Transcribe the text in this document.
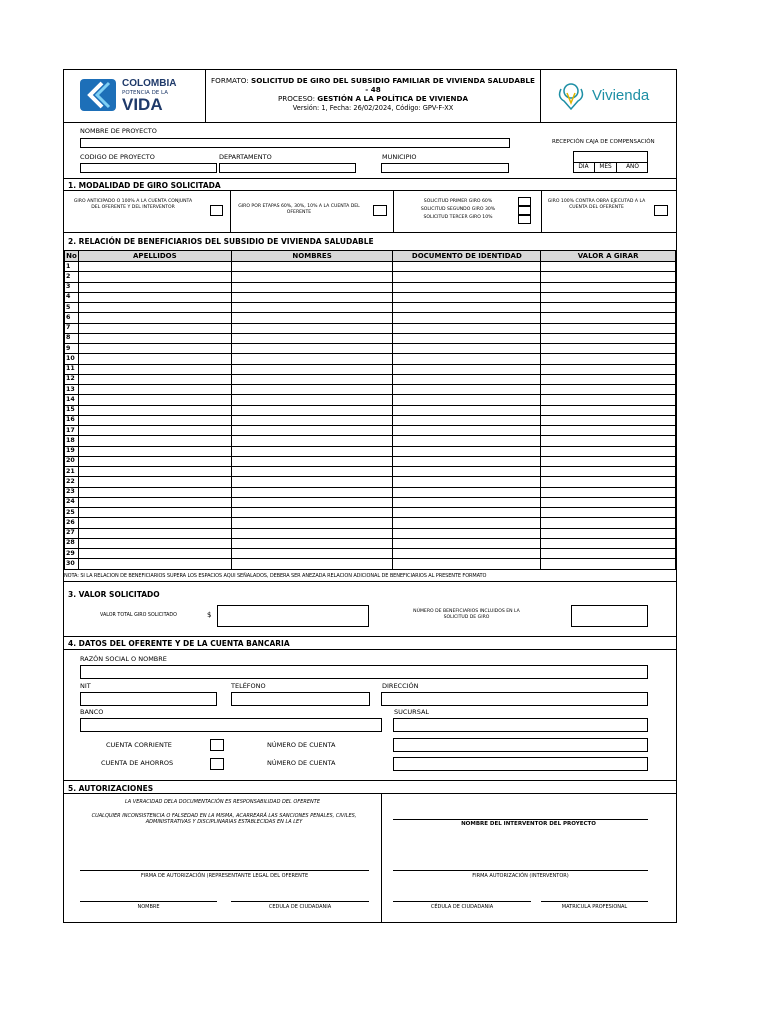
COLOMBIA
POTENCIA DE LA
VIDA
FORMATO: SOLICITUD DE GIRO DEL SUBSIDIO FAMILIAR DE VIVIENDA SALUDABLE
- 48
PROCESO: GESTIÓN A LA POLÍTICA DE VIVIENDA
Versión: 1, Fecha: 26/02/2024, Código: GPV-F-XX
Vivienda
NOMBRE DE PROYECTO
RECEPCIÓN CAJA DE COMPENSACIÓN
CODIGO DE PROYECTO	DEPARTAMENTO	MUNICIPIO
DÍA	MES	AÑO
1. MODALIDAD DE GIRO SOLICITADA
GIRO ANTICIPADO O 100% A LA CUENTA CONJUNTA DEL OFERENTE Y DEL INTERVENTOR	GIRO POR ETAPAS 60%, 30%, 10% A LA CUENTA DEL OFERENTE
SOLICITUD PRIMER GIRO 60%
SOLICITUD SEGUNDO GIRO 30%
SOLICITUD TERCER GIRO 10%
GIRO 100% CONTRA OBRA EJECUTAD A LA CUENTA DEL OFERENTE
2. RELACIÓN DE BENEFICIARIOS DEL SUBSIDIO DE VIVIENDA SALUDABLE
No	APELLIDOS	NOMBRES	DOCUMENTO DE IDENTIDAD	VALOR A GIRAR
1				
2				
3				
4				
5				
6				
7				
8				
9				
10				
11				
12				
13				
14				
15				
16				
17				
18				
19				
20				
21				
22				
23				
24				
25				
26				
27				
28				
29				
30				
NOTA: SI LA RELACION DE BENEFICIARIOS SUPERA LOS ESPACIOS AQUI SEÑALADOS, DEBERA SER ANEZADA RELACION ADICIONAL DE BENEFICIARIOS AL PRESENTE FORMATO
3. VALOR SOLICITADO
VALOR TOTAL GIRO SOLICITADO	$	NÚMERO DE BENEFICIARIOS INCLUIDOS EN LA SOLICITUD DE GIRO
4. DATOS DEL OFERENTE Y DE LA CUENTA BANCARIA
RAZÓN SOCIAL O NOMBRE
NIT	TELÉFONO	DIRECCIÓN
BANCO	SUCURSAL
CUENTA CORRIENTE	NÚMERO DE CUENTA
CUENTA DE AHORROS	NÚMERO DE CUENTA
5. AUTORIZACIONES
LA VERACIDAD DELA DOCUMENTACIÓN ES RESPONSABILIDAD DEL OFERENTE
CUALQUIER INCONSISTENCIA O FALSEDAD EN LA MISMA, ACARREARÁ LAS SANCIONES PENALES, CIVILES, ADMINISTRATIVAS Y DISCIPLINARIAS ESTABLECIDAS EN LA LEY	NOMBRE DEL INTERVENTOR DEL PROYECTO
FIRMA DE AUTORIZACIÓN (REPRESENTANTE LEGAL DEL OFERENTE	FIRMA AUTORIZACIÓN (INTERVENTOR)
NOMBRE	CEDULA DE CIUDADANIA	CÉDULA DE CIUDADANIA	MATRICULA PROFESIONAL
